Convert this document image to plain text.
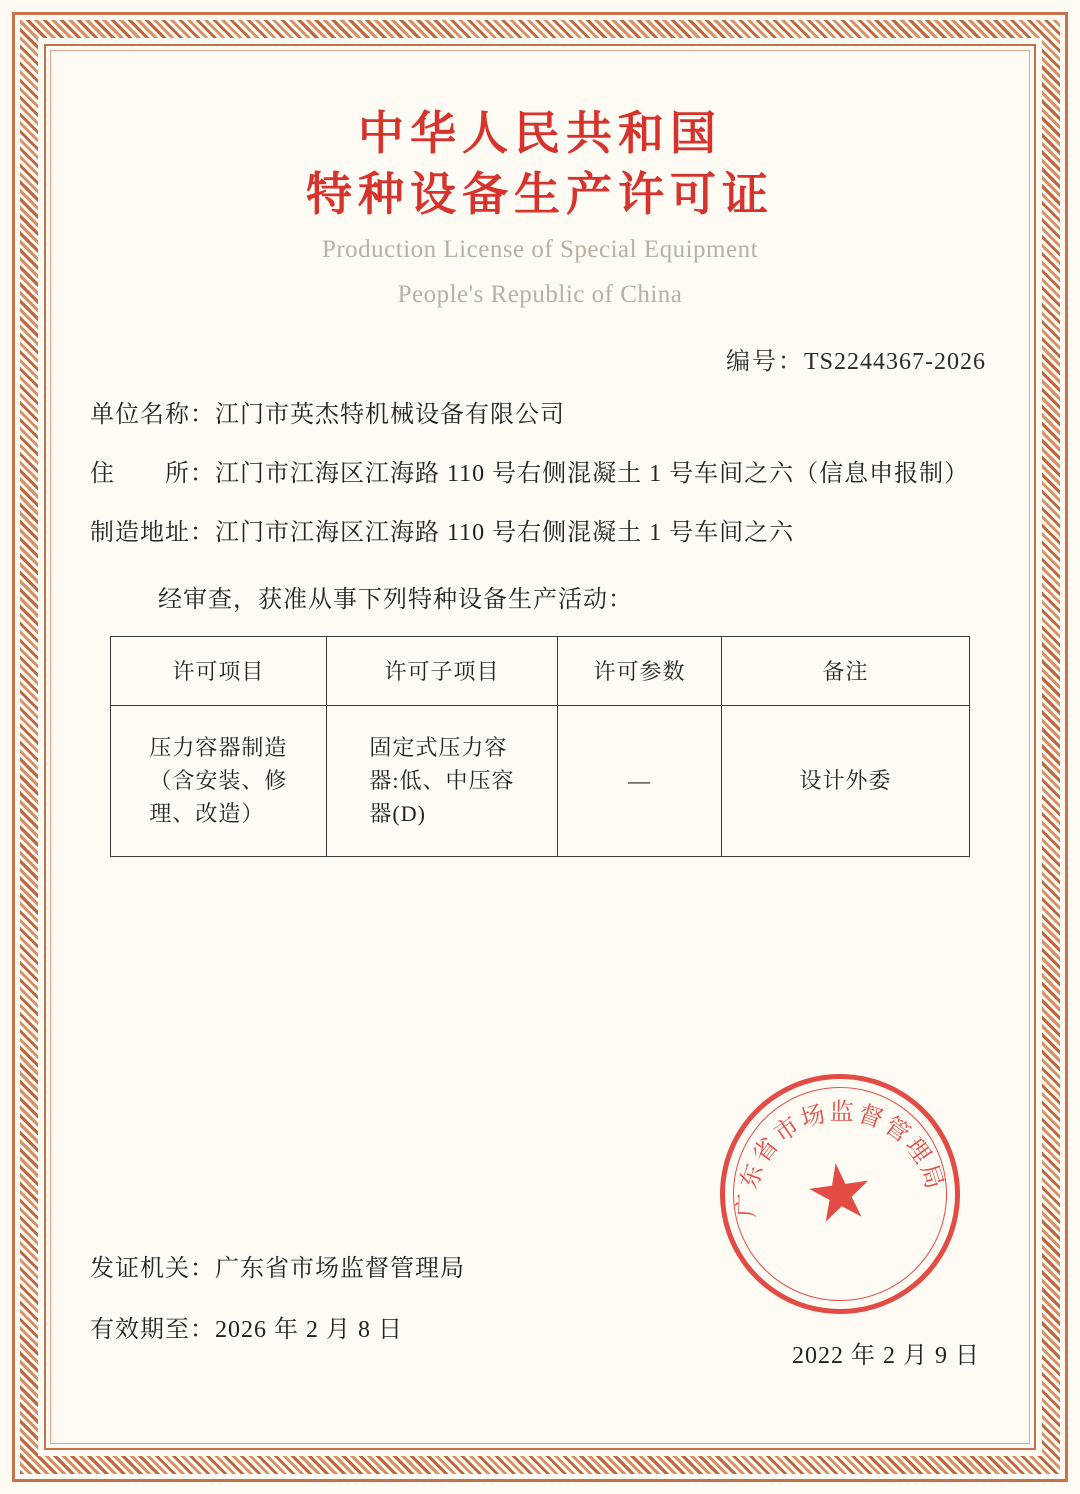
中华人民共和国
特种设备生产许可证
Production License of Special Equipment
People's Republic of China
编号：TS2244367-2026
单位名称：江门市英杰特机械设备有限公司
住　　所：江门市江海区江海路 110 号右侧混凝土 1 号车间之六（信息申报制）
制造地址：江门市江海区江海路 110 号右侧混凝土 1 号车间之六
经审查，获准从事下列特种设备生产活动：
许可项目	许可子项目	许可参数	备注
压力容器制造
（含安装、修
理、改造）	固定式压力容
器:低、中压容
器(D)	—	设计外委
发证机关：广东省市场监督管理局
有效期至：2026 年 2 月 8 日
2022 年 2 月 9 日
广东省市场监督管理局
